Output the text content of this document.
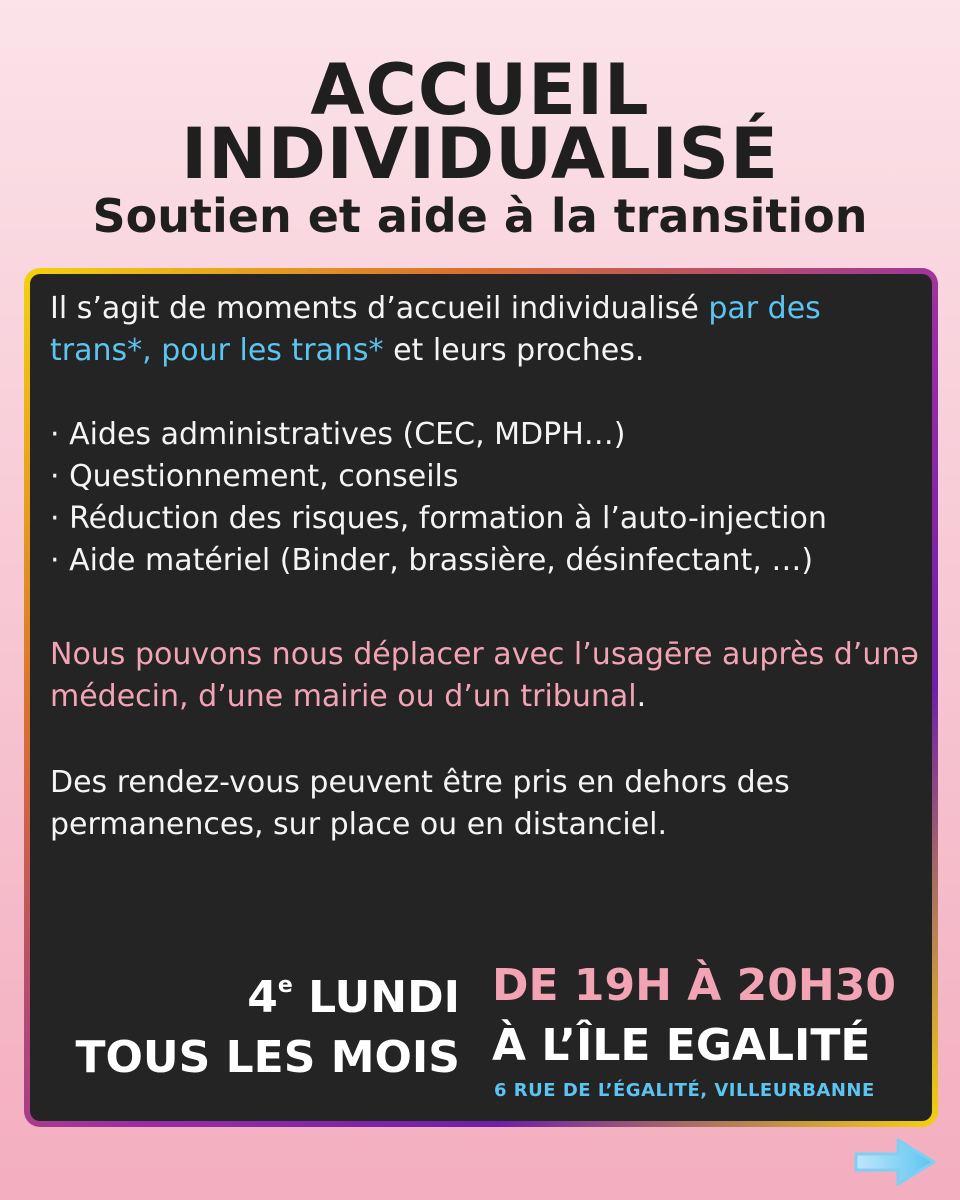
ACCUEIL
INDIVIDUALISÉ
Soutien et aide à la transition

Il s’agit de moments d’accueil individualisé par des trans*, pour les trans* et leurs proches.

· Aides administratives (CEC, MDPH…)
· Questionnement, conseils
· Réduction des risques, formation à l’auto-injection
· Aide matériel (Binder, brassière, désinfectant, …)

Nous pouvons nous déplacer avec l’usagēre auprès d’unǝ médecin, d’une mairie ou d’un tribunal.

Des rendez-vous peuvent être pris en dehors des permanences, sur place ou en distanciel.

4e LUNDI
TOUS LES MOIS
DE 19H À 20H30
À L’ÎLE EGALITÉ
6 RUE DE L’ÉGALITÉ, VILLEURBANNE
